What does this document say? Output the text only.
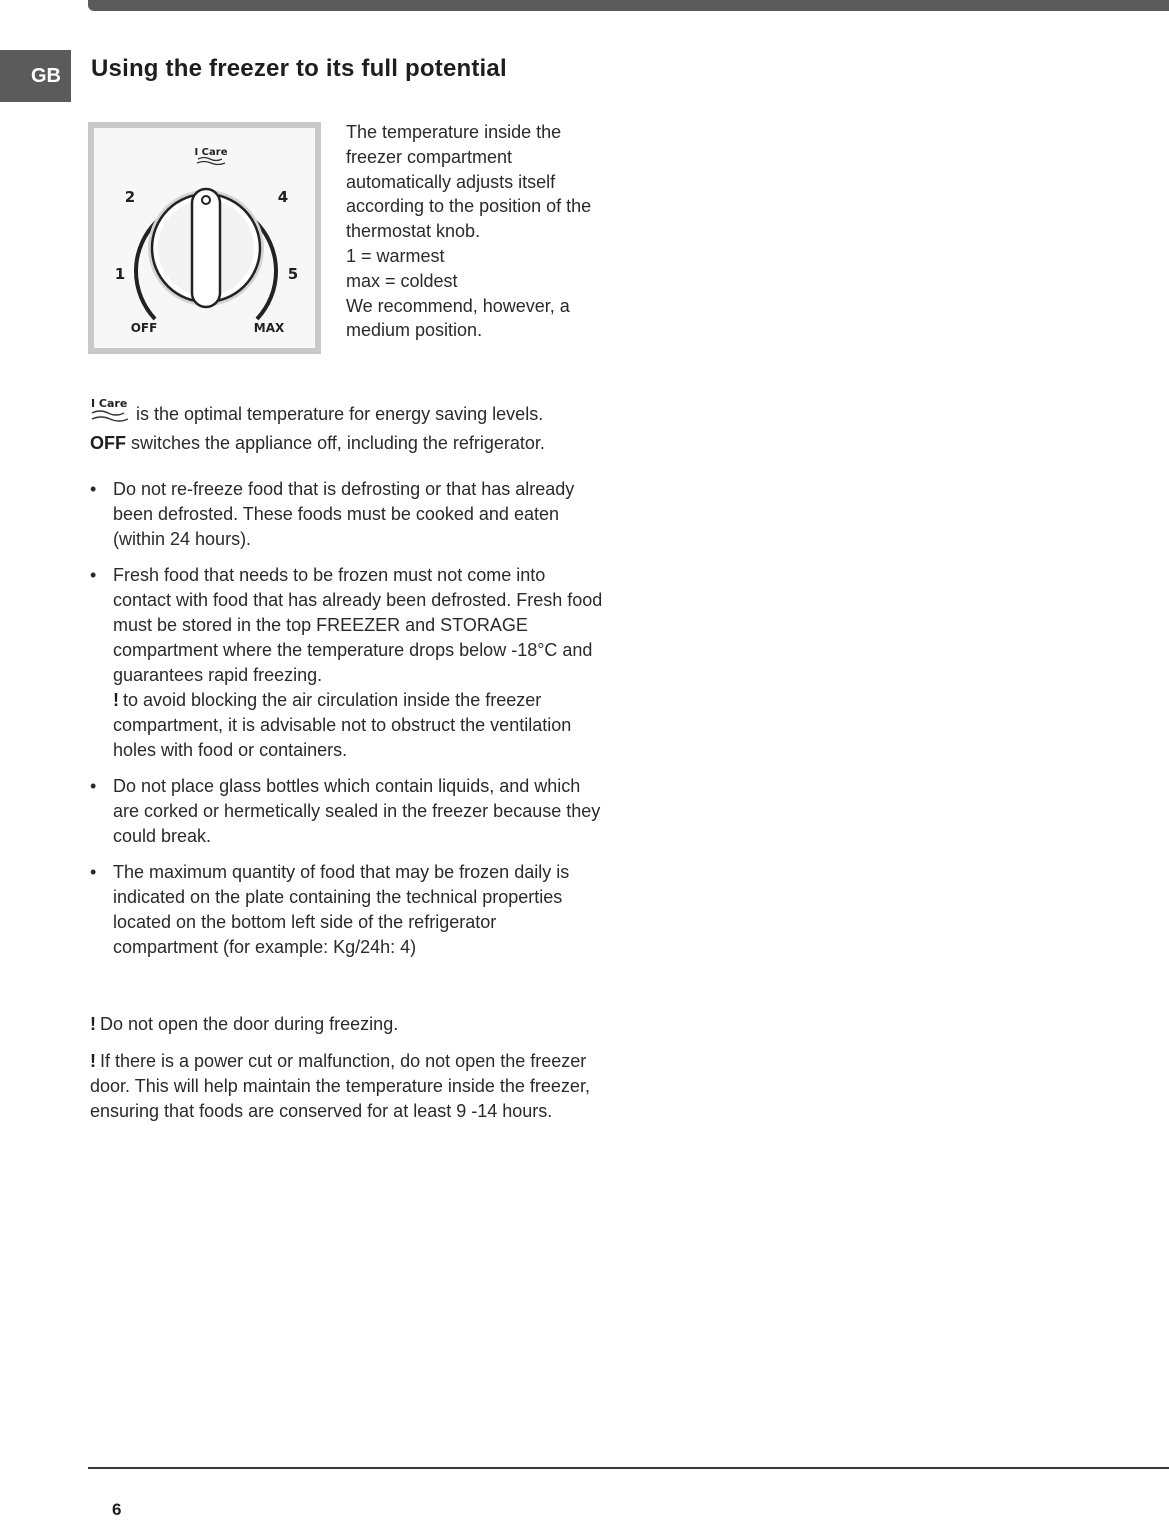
GB	Using the freezer to its full potential
I Care
2	4
1	5
OFF	MAX

The temperature inside the freezer compartment automatically adjusts itself according to the position of the thermostat knob.

1 = warmest

max = coldest

We recommend, however, a medium position.

I Care
is the optimal temperature for energy saving levels.
OFF switches the appliance off, including the refrigerator.

• Do not re-freeze food that is defrosting or that has already been defrosted. These foods must be cooked and eaten (within 24 hours).

• Fresh food that needs to be frozen must not come into contact with food that has already been defrosted. Fresh food must be stored in the top FREEZER and STORAGE compartment where the temperature drops below -18°C and guarantees rapid freezing.

! to avoid blocking the air circulation inside the freezer compartment, it is advisable not to obstruct the ventilation holes with food or containers.

• Do not place glass bottles which contain liquids, and which are corked or hermetically sealed in the freezer because they could break.

• The maximum quantity of food that may be frozen daily is indicated on the plate containing the technical properties located on the bottom left side of the refrigerator compartment (for example: Kg/24h: 4)

! Do not open the door during freezing.

! If there is a power cut or malfunction, do not open the freezer door. This will help maintain the temperature inside the freezer, ensuring that foods are conserved for at least 9 -14 hours.

6
